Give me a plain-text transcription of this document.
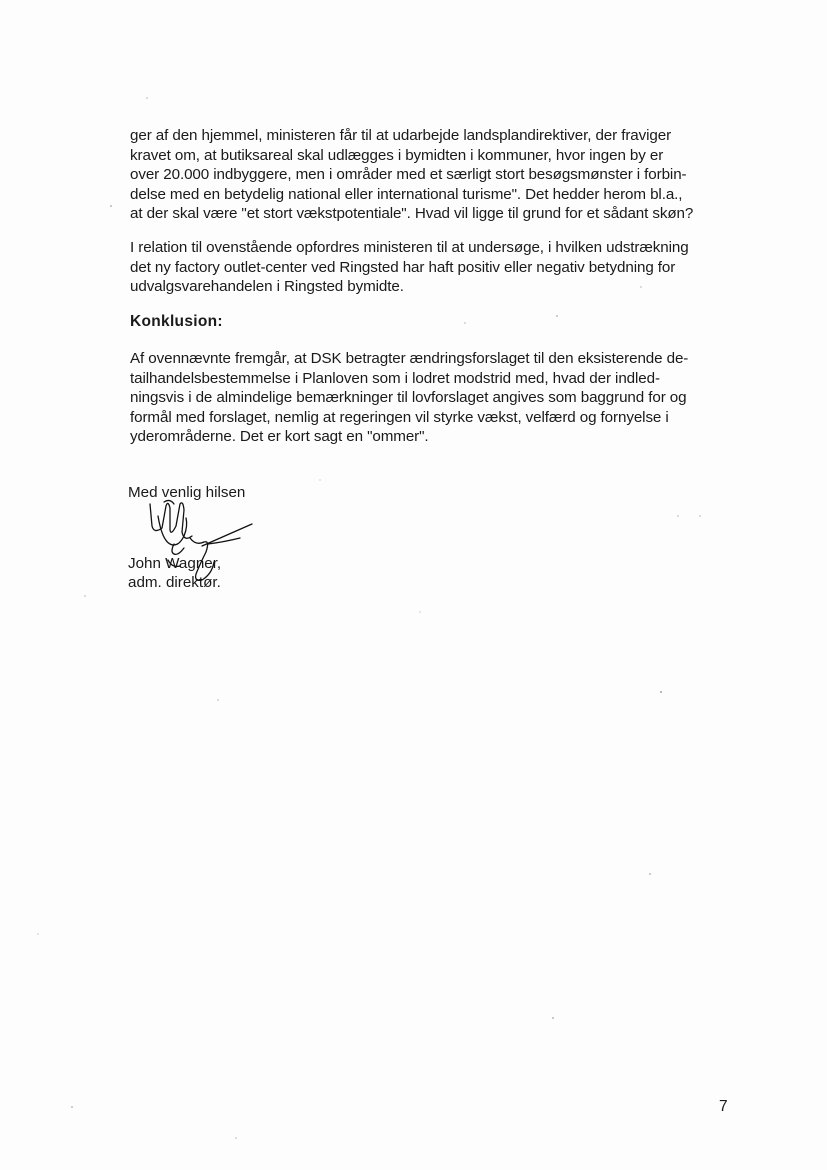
ger af den hjemmel, ministeren får til at udarbejde landsplandirektiver, der fraviger
kravet om, at butiksareal skal udlægges i bymidten i kommuner, hvor ingen by er
over 20.000 indbyggere, men i områder med et særligt stort besøgsmønster i forbin-
delse med en betydelig national eller international turisme". Det hedder herom bl.a.,
at der skal være "et stort vækstpotentiale". Hvad vil ligge til grund for et sådant skøn?

I relation til ovenstående opfordres ministeren til at undersøge, i hvilken udstrækning
det ny factory outlet-center ved Ringsted har haft positiv eller negativ betydning for
udvalgsvarehandelen i Ringsted bymidte.

Konklusion:

Af ovennævnte fremgår, at DSK betragter ændringsforslaget til den eksisterende de-
tailhandelsbestemmelse i Planloven som i lodret modstrid med, hvad der indled-
ningsvis i de almindelige bemærkninger til lovforslaget angives som baggrund for og
formål med forslaget, nemlig at regeringen vil styrke vækst, velfærd og fornyelse i
yderområderne. Det er kort sagt en "ommer".

Med venlig hilsen

John Wagner,

adm. direktør.

7
